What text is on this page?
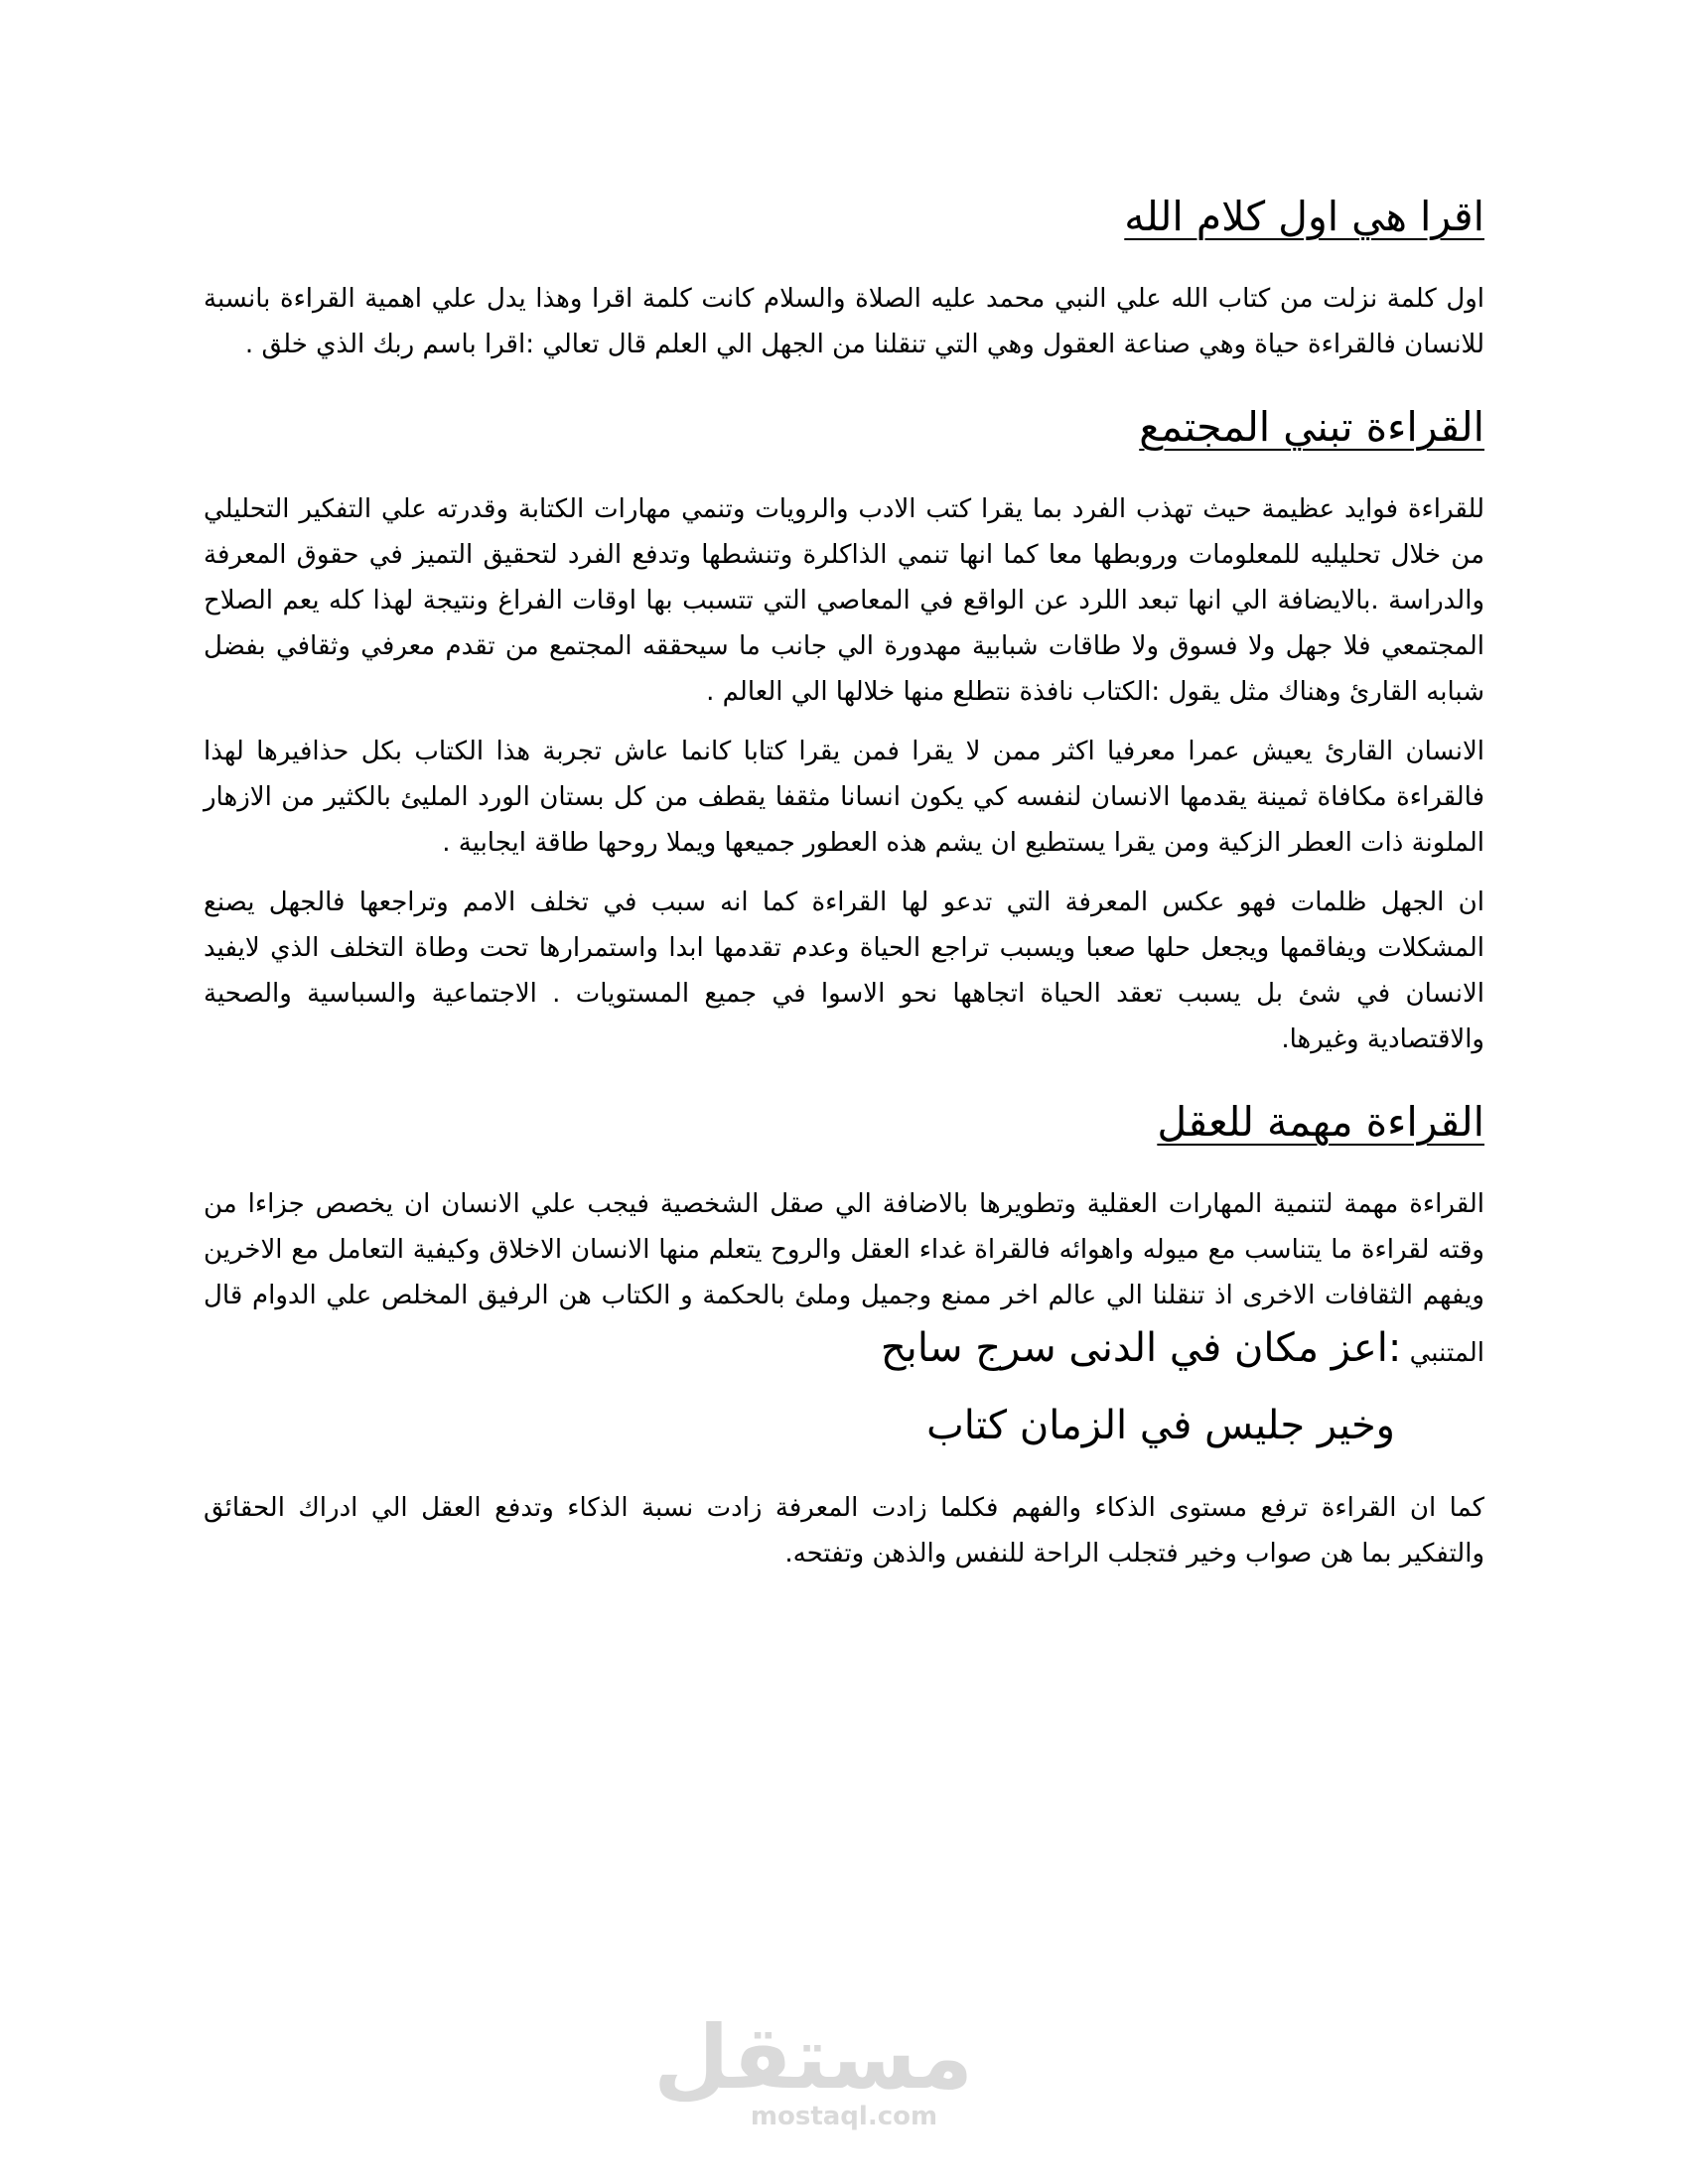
اقرا هي اول كلام الله

اول كلمة نزلت من كتاب الله علي النبي محمد عليه الصلاة والسلام كانت كلمة اقرا وهذا يدل علي اهمية القراءة بانسبة للانسان فالقراءة حياة وهي صناعة العقول وهي التي تنقلنا من الجهل الي العلم قال تعالي :اقرا باسم ربك الذي خلق .

القراءة تبني المجتمع

للقراءة فوايد عظيمة حيث تهذب الفرد بما يقرا كتب الادب والرويات وتنمي مهارات الكتابة وقدرته علي التفكير التحليلي من خلال تحليليه للمعلومات وروبطها معا كما انها تنمي الذاكلرة وتنشطها وتدفع الفرد لتحقيق التميز في حقوق المعرفة والدراسة .بالايضافة الي انها تبعد اللرد عن الواقع في المعاصي التي تتسبب بها اوقات الفراغ ونتيجة لهذا كله يعم الصلاح المجتمعي فلا جهل ولا فسوق ولا طاقات شبابية مهدورة الي جانب ما سيحققه المجتمع من تقدم معرفي وثقافي بفضل شبابه القارئ وهناك مثل يقول :الكتاب نافذة نتطلع منها خلالها الي العالم .

الانسان القارئ يعيش عمرا معرفيا اكثر ممن لا يقرا فمن يقرا كتابا كانما عاش تجربة هذا الكتاب بكل حذافيرها لهذا فالقراءة مكافاة ثمينة يقدمها الانسان لنفسه كي يكون انسانا مثقفا يقطف من كل بستان الورد المليئ بالكثير من الازهار الملونة ذات العطر الزكية ومن يقرا يستطيع ان يشم هذه العطور جميعها ويملا روحها طاقة ايجابية .

ان الجهل ظلمات فهو عكس المعرفة التي تدعو لها القراءة كما انه سبب في تخلف الامم وتراجعها فالجهل يصنع المشكلات ويفاقمها ويجعل حلها صعبا ويسبب تراجع الحياة وعدم تقدمها ابدا واستمرارها تحت وطاة التخلف الذي لايفيد الانسان في شئ بل يسبب تعقد الحياة اتجاهها نحو الاسوا في جميع المستويات . الاجتماعية والسباسية والصحية والاقتصادية وغيرها.

القراءة مهمة للعقل

القراءة مهمة لتنمية المهارات العقلية وتطويرها بالاضافة الي صقل الشخصية فيجب علي الانسان ان يخصص جزاءا من وقته لقراءة ما يتناسب مع ميوله واهوائه فالقراة غداء العقل والروح يتعلم منها الانسان الاخلاق وكيفية التعامل مع الاخرين ويفهم الثقافات الاخرى اذ تنقلنا الي عالم اخر ممنع وجميل وملئ بالحكمة و الكتاب هن الرفيق المخلص علي الدوام قال المتنبي :اعز مكان في الدنى سرج سابح

وخير جليس في الزمان كتاب

كما ان القراءة ترفع مستوى الذكاء والفهم فكلما زادت المعرفة زادت نسبة الذكاء وتدفع العقل الي ادراك الحقائق والتفكير بما هن صواب وخير فتجلب الراحة للنفس والذهن وتفتحه.

مستقل
mostaql.com
